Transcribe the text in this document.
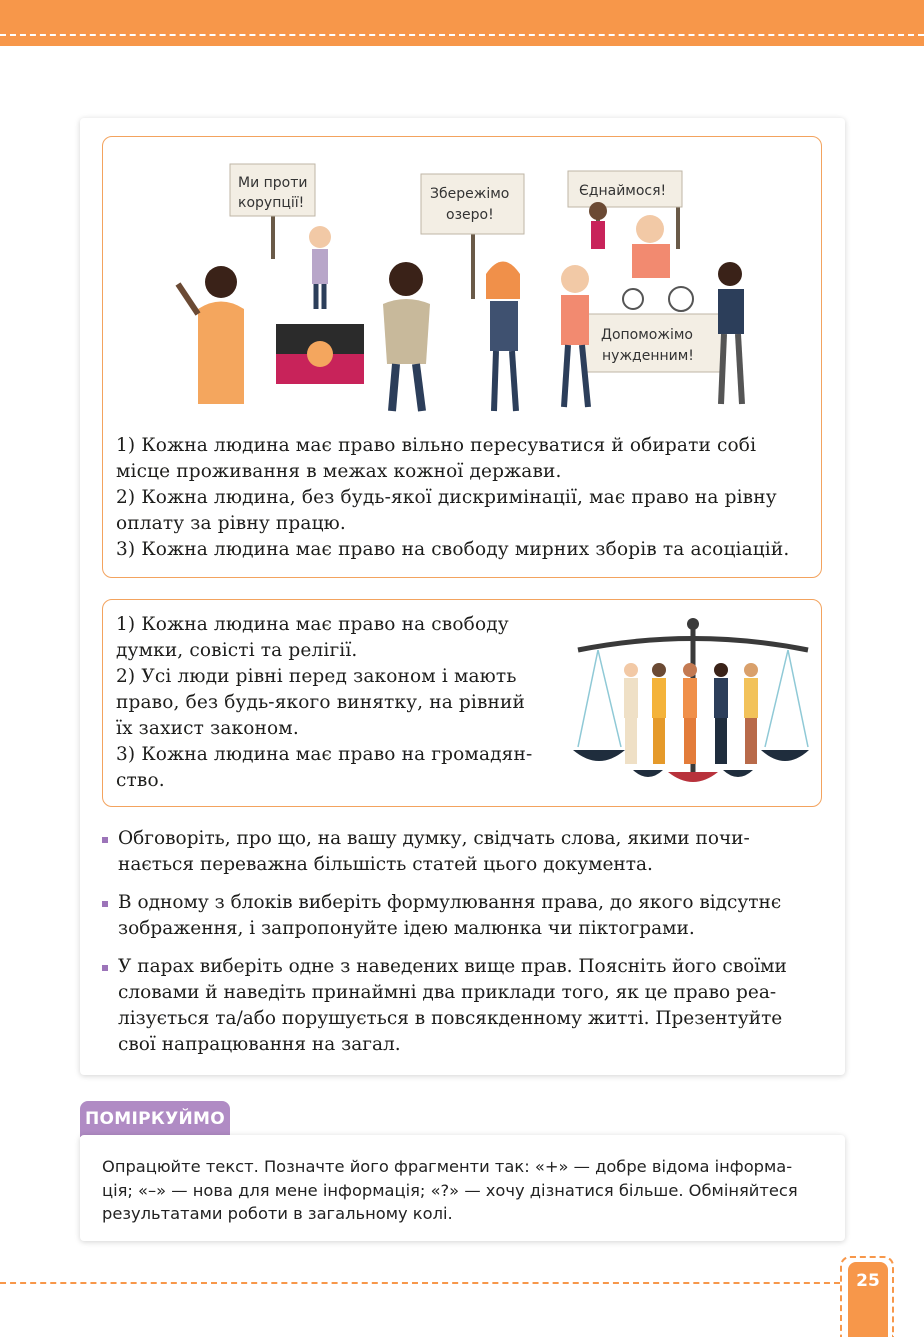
Ми проти
корупції!
Збережімо
озеро!
Єднаймося!
Допоможімо
нужденним!
1) Кожна людина має право вільно пересуватися й обирати собі
місце проживання в межах кожної держави.
2) Кожна людина, без будь-якої дискримінації, має право на рівну
оплату за рівну працю.
3) Кожна людина має право на свободу мирних зборів та асоціацій.
1) Кожна людина має право на свободу
думки, совісті та релігії.
2) Усі люди рівні перед законом і мають
право, без будь-якого винятку, на рівний
їх захист законом.
3) Кожна людина має право на громадян-
ство.
Обговоріть, про що, на вашу думку, свідчать слова, якими почи-
нається переважна більшість статей цього документа.
В одному з блоків виберіть формулювання права, до якого відсутнє
зображення, і запропонуйте ідею малюнка чи піктограми.
У парах виберіть одне з наведених вище прав. Поясніть його своїми
словами й наведіть принаймні два приклади того, як це право реа-
лізується та/або порушується в повсякденному житті. Презентуйте
свої напрацювання на загал.
ПОМІРКУЙМО
Опрацюйте текст. Позначте його фрагменти так: «+» — добре відома інформа-
ція; «–» — нова для мене інформація; «?» — хочу дізнатися більше. Обміняйтеся
результатами роботи в загальному колі.
25
